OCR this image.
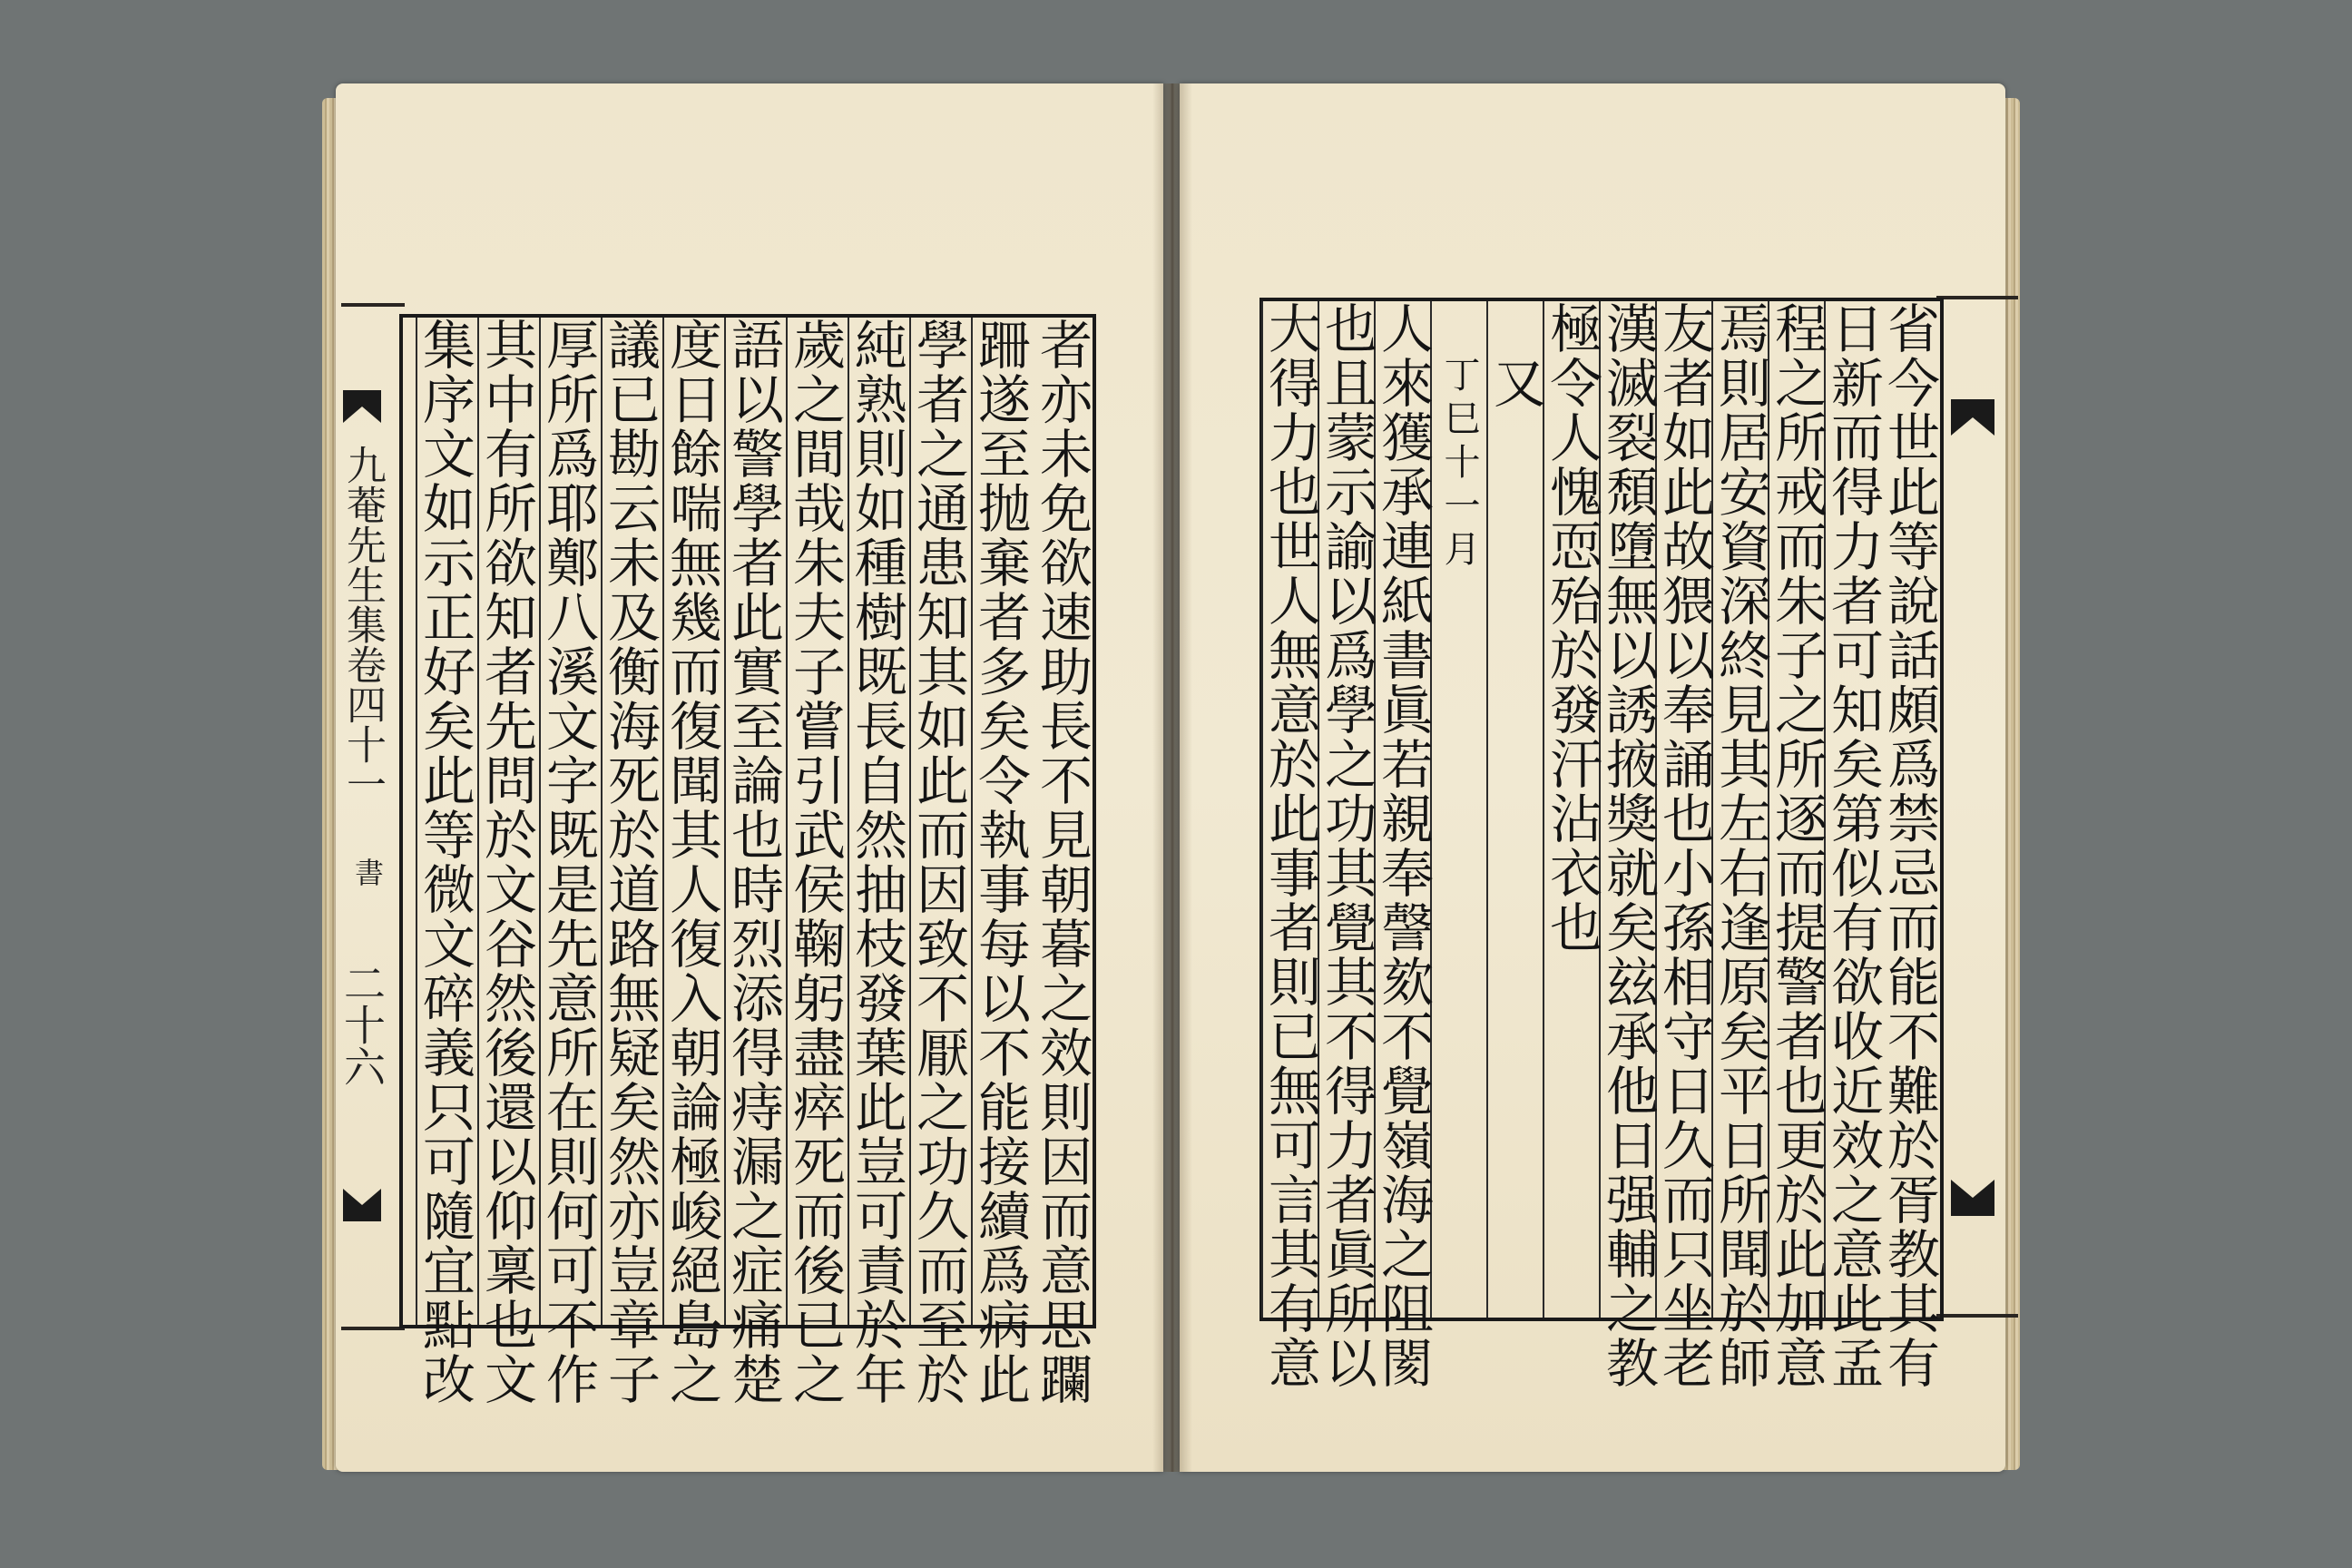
九菴先生集卷四十一
書
二十六	者亦未免欲速助長不見朝暮之效則因而意思躝
跚遂至抛棄者多矣令執事每以不能接續爲病此
學者之通患知其如此而因致不厭之功久而至於
純熟則如種樹既長自然抽枝發葉此豈可責於年
歲之間哉朱夫子嘗引武侯鞠躬盡瘁死而後已之
語以警學者此實至論也時烈添得痔漏之症痛楚
度日餘喘無幾而復聞其人復入朝論極峻絕島之
議已勘云未及衡海死於道路無疑矣然亦豈章子
厚所爲耶鄭八溪文字既是先意所在則何可不作
其中有所欲知者先問於文谷然後還以仰稟也文
集序文如示正好矣此等微文碎義只可隨宜點改	省今世此等說話頗爲禁忌而能不難於胥教其有
日新而得力者可知矣第似有欲收近效之意此孟
程之所戒而朱子之所逐而提警者也更於此加意
焉則居安資深終見其左右逢原矣平日所聞於師
友者如此故猥以奉誦也小孫相守日久而只坐老
漢滅裂頹墮無以誘掖獎就矣玆承他日强輔之教
極令人愧恧殆於發汗沾衣也
又
丁巳十一月
人來獲承連紙書眞若親奉謦欬不覺嶺海之阻閡
也且蒙示諭以爲學之功其覺其不得力者眞所以
大得力也世人無意於此事者則已無可言其有意
